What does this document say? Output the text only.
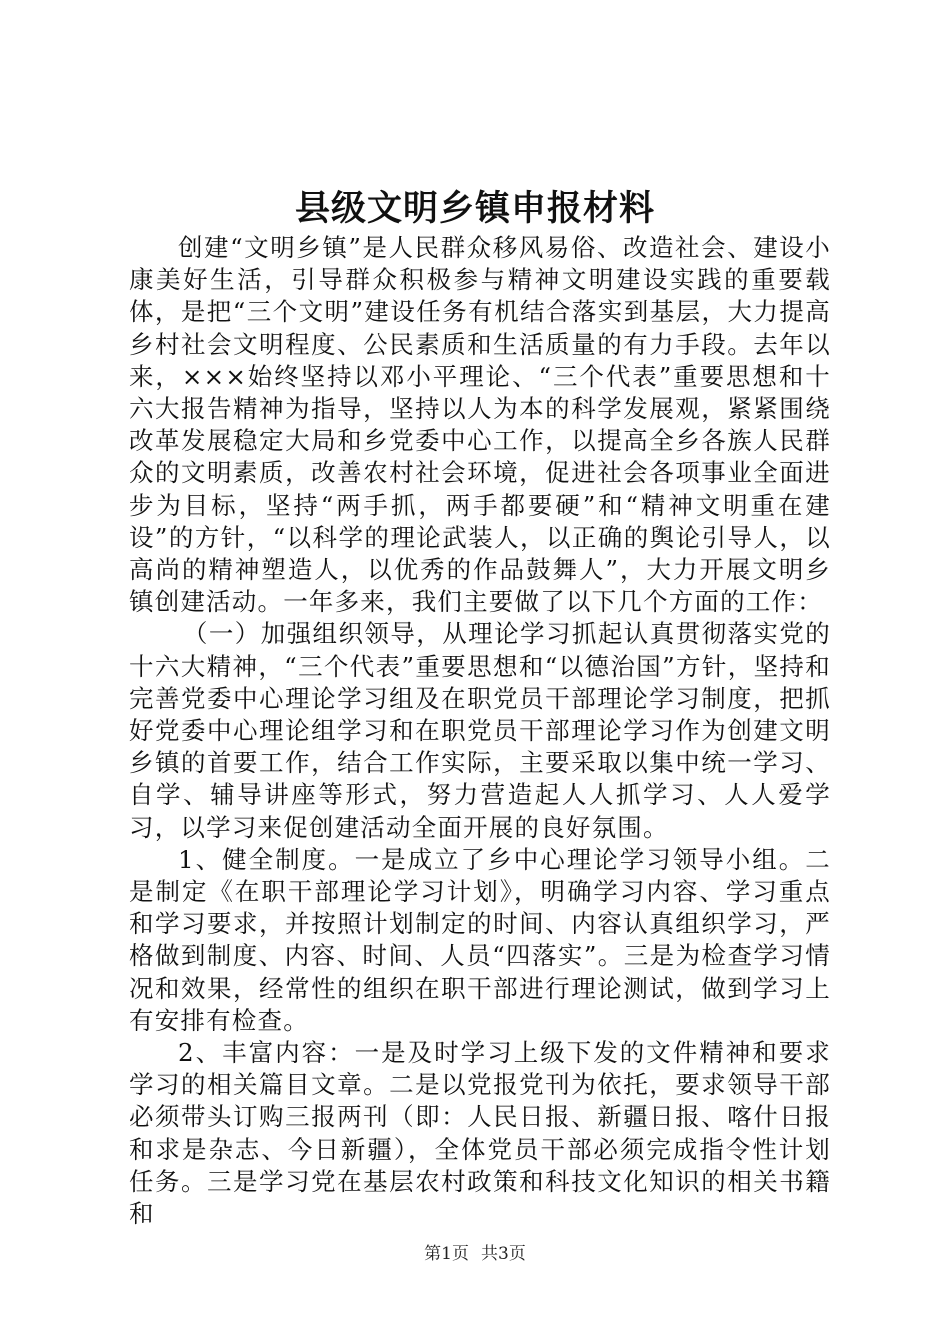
县级文明乡镇申报材料

创建“文明乡镇”是人民群众移风易俗、改造社会、建设小康美好生活，引导群众积极参与精神文明建设实践的重要载体，是把“三个文明”建设任务有机结合落实到基层，大力提高乡村社会文明程度、公民素质和生活质量的有力手段。去年以来，×××始终坚持以邓小平理论、“三个代表”重要思想和十六大报告精神为指导，坚持以人为本的科学发展观，紧紧围绕改革发展稳定大局和乡党委中心工作，以提高全乡各族人民群众的文明素质，改善农村社会环境，促进社会各项事业全面进步为目标，坚持“两手抓，两手都要硬”和“精神文明重在建设”的方针，“以科学的理论武装人，以正确的舆论引导人，以高尚的精神塑造人，以优秀的作品鼓舞人”，大力开展文明乡镇创建活动。一年多来，我们主要做了以下几个方面的工作：

（一）加强组织领导，从理论学习抓起认真贯彻落实党的十六大精神，“三个代表”重要思想和“以德治国”方针，坚持和完善党委中心理论学习组及在职党员干部理论学习制度，把抓好党委中心理论组学习和在职党员干部理论学习作为创建文明乡镇的首要工作，结合工作实际，主要采取以集中统一学习、自学、辅导讲座等形式，努力营造起人人抓学习、人人爱学习，以学习来促创建活动全面开展的良好氛围。

1、健全制度。一是成立了乡中心理论学习领导小组。二是制定《在职干部理论学习计划》，明确学习内容、学习重点和学习要求，并按照计划制定的时间、内容认真组织学习，严格做到制度、内容、时间、人员“四落实”。三是为检查学习情况和效果，经常性的组织在职干部进行理论测试，做到学习上有安排有检查。

2、丰富内容：一是及时学习上级下发的文件精神和要求学习的相关篇目文章。二是以党报党刊为依托，要求领导干部必须带头订购三报两刊（即：人民日报、新疆日报、喀什日报和求是杂志、今日新疆），全体党员干部必须完成指令性计划任务。三是学习党在基层农村政策和科技文化知识的相关书籍和

第1页 共3页
